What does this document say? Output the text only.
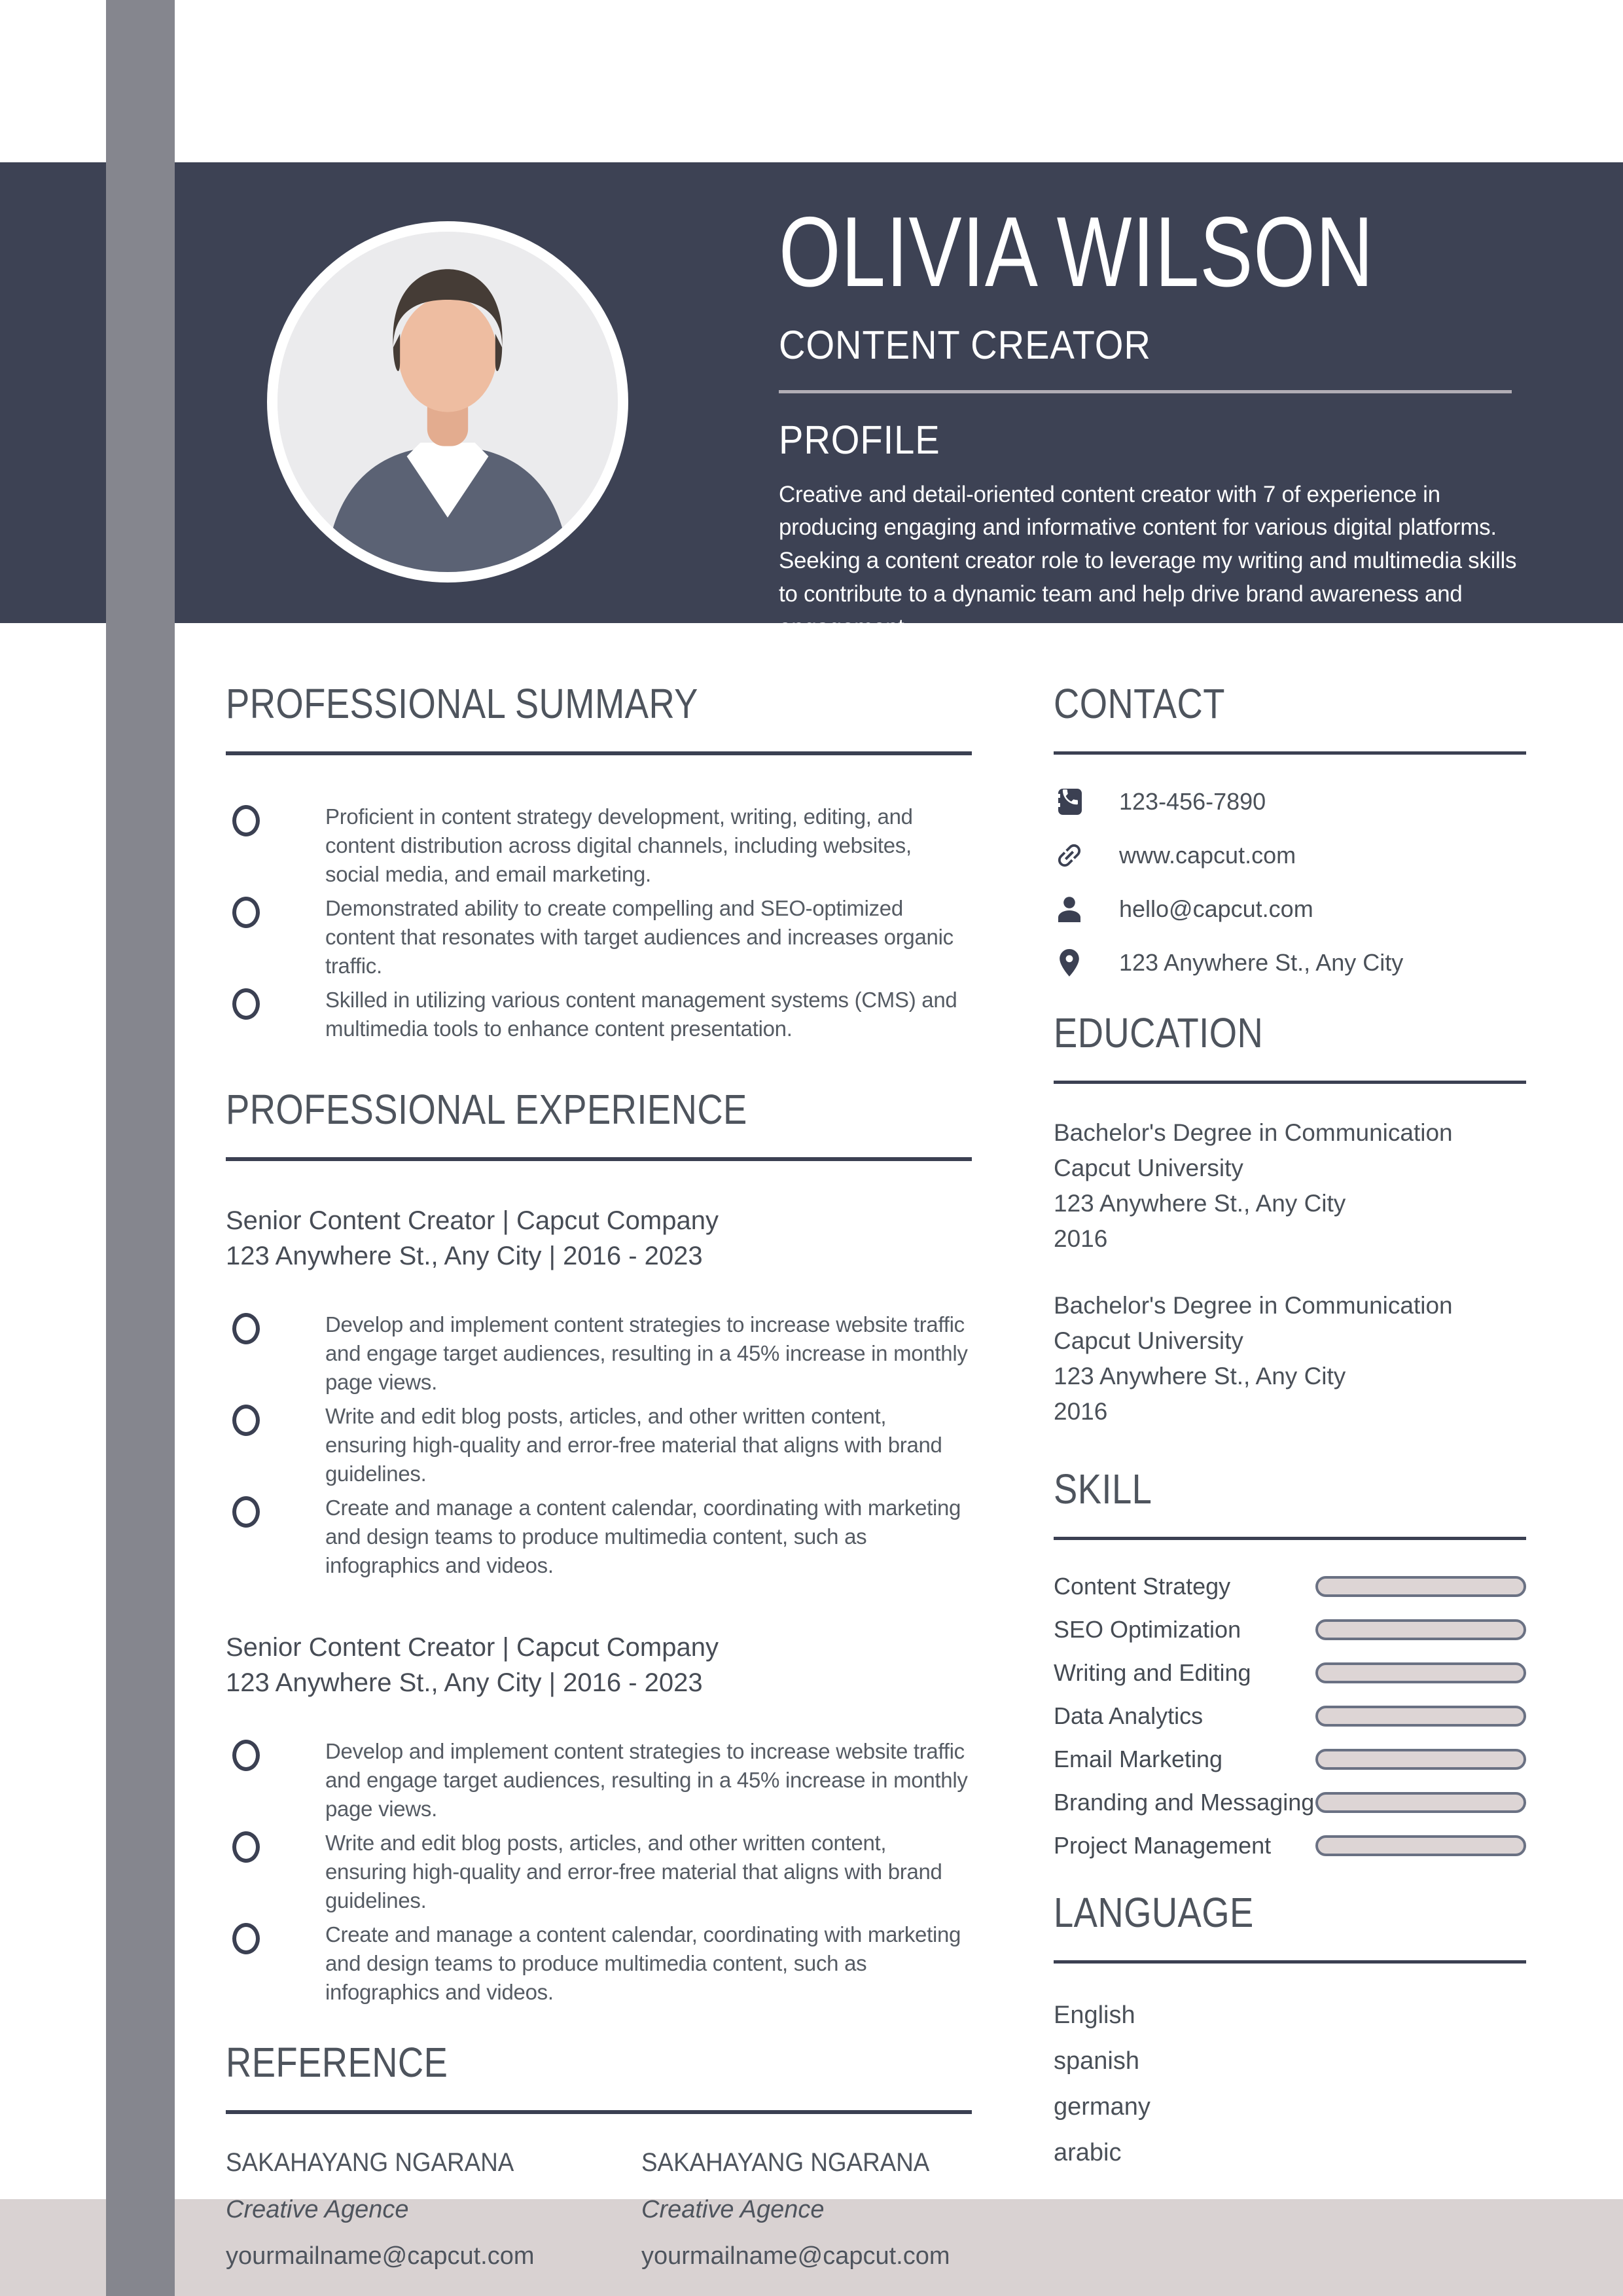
OLIVIA WILSON
CONTENT CREATOR
PROFILE
Creative and detail-oriented content creator with 7 of experience in producing engaging and informative content for various digital platforms. Seeking a content creator role to leverage my writing and multimedia skills to contribute to a dynamic team and help drive brand awareness and engagement.
PROFESSIONAL SUMMARY
Proficient in content strategy development, writing, editing, and content distribution across digital channels, including websites, social media, and email marketing.
Demonstrated ability to create compelling and SEO-optimized content that resonates with target audiences and increases organic traffic.
Skilled in utilizing various content management systems (CMS) and multimedia tools to enhance content presentation.
PROFESSIONAL EXPERIENCE
Senior Content Creator | Capcut Company
123 Anywhere St., Any City | 2016 - 2023
Develop and implement content strategies to increase website traffic and engage target audiences, resulting in a 45% increase in monthly page views.
Write and edit blog posts, articles, and other written content, ensuring high-quality and error-free material that aligns with brand guidelines.
Create and manage a content calendar, coordinating with marketing and design teams to produce multimedia content, such as infographics and videos.
Senior Content Creator | Capcut Company
123 Anywhere St., Any City | 2016 - 2023
Develop and implement content strategies to increase website traffic and engage target audiences, resulting in a 45% increase in monthly page views.
Write and edit blog posts, articles, and other written content, ensuring high-quality and error-free material that aligns with brand guidelines.
Create and manage a content calendar, coordinating with marketing and design teams to produce multimedia content, such as infographics and videos.
REFERENCE
SAKAHAYANG NGARANA
Creative Agence
yourmailname@capcut.com
SAKAHAYANG NGARANA
Creative Agence
yourmailname@capcut.com
CONTACT
123-456-7890
www.capcut.com
hello@capcut.com
123 Anywhere St., Any City
EDUCATION
Bachelor's Degree in Communication
Capcut University
123 Anywhere St., Any City
2016
Bachelor's Degree in Communication
Capcut University
123 Anywhere St., Any City
2016
SKILL
Content Strategy
SEO Optimization
Writing and Editing
Data Analytics
Email Marketing
Branding and Messaging
Project Management
LANGUAGE
English
spanish
germany
arabic
